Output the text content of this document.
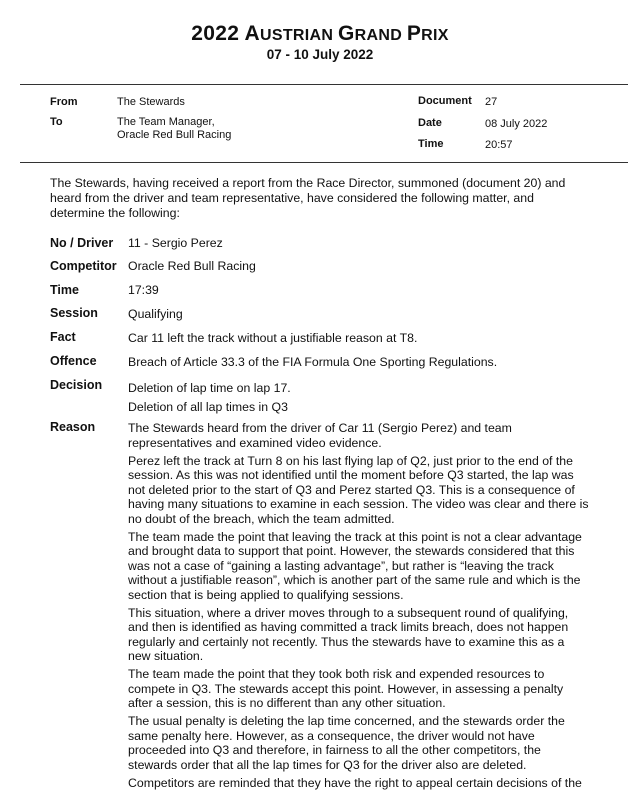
2022 AUSTRIAN GRAND PRIX
07 - 10 July 2022
From	The Stewards
To	The Team Manager,
Oracle Red Bull Racing
Document 27
Date	08 July 2022
Time	20:57
The Stewards, having received a report from the Race Director, summoned (document 20) and heard from the driver and team representative, have considered the following matter, and determine the following:
No / Driver 11 - Sergio Perez
Competitor Oracle Red Bull Racing
Time	17:39
Session Qualifying
Fact	Car 11 left the track without a justifiable reason at T8.
Offence	Breach of Article 33.3 of the FIA Formula One Sporting Regulations.
Decision Deletion of lap time on lap 17.
Deletion of all lap times in Q3
Reason	The Stewards heard from the driver of Car 11 (Sergio Perez) and team representatives and examined video evidence.

Perez left the track at Turn 8 on his last flying lap of Q2, just prior to the end of the session. As this was not identified until the moment before Q3 started, the lap was not deleted prior to the start of Q3 and Perez started Q3. This is a consequence of having many situations to examine in each session. The video was clear and there is no doubt of the breach, which the team admitted.

The team made the point that leaving the track at this point is not a clear advantage and brought data to support that point. However, the stewards considered that this was not a case of “gaining a lasting advantage”, but rather is “leaving the track without a justifiable reason”, which is another part of the same rule and which is the section that is being applied to qualifying sessions.

This situation, where a driver moves through to a subsequent round of qualifying, and then is identified as having committed a track limits breach, does not happen regularly and certainly not recently. Thus the stewards have to examine this as a new situation.

The team made the point that they took both risk and expended resources to compete in Q3. The stewards accept this point. However, in assessing a penalty after a session, this is no different than any other situation.

The usual penalty is deleting the lap time concerned, and the stewards order the same penalty here. However, as a consequence, the driver would not have proceeded into Q3 and therefore, in fairness to all the other competitors, the stewards order that all the lap times for Q3 for the driver also are deleted.

Competitors are reminded that they have the right to appeal certain decisions of the
